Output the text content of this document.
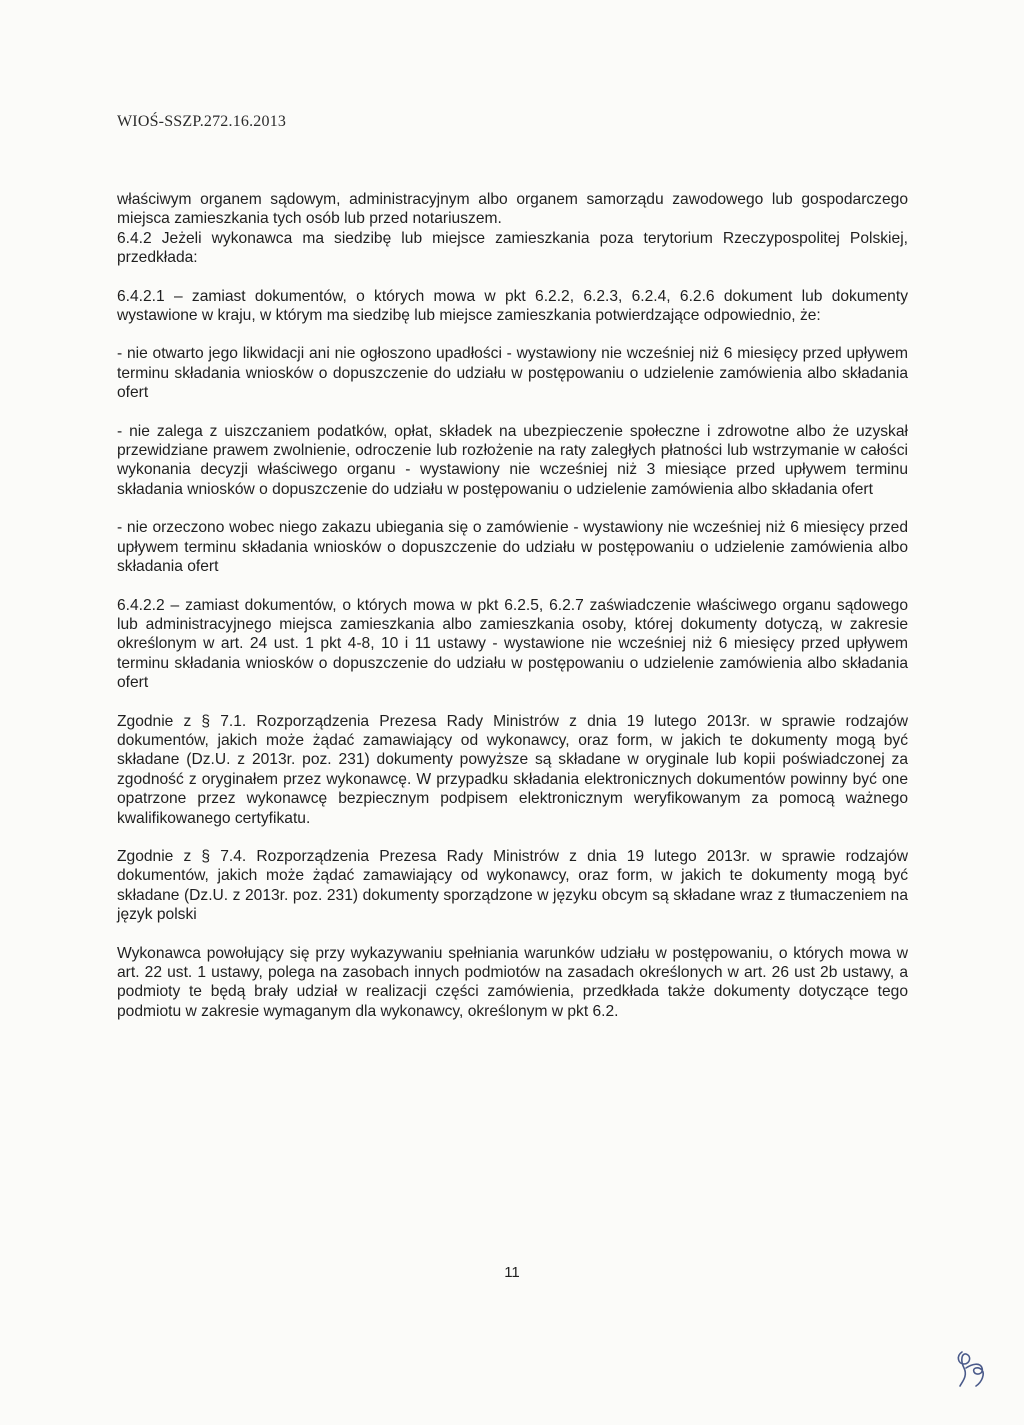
WIOŚ-SSZP.272.16.2013

właściwym organem sądowym, administracyjnym albo organem samorządu zawodowego lub gospodarczego miejsca zamieszkania tych osób lub przed notariuszem.

6.4.2 Jeżeli wykonawca ma siedzibę lub miejsce zamieszkania poza terytorium Rzeczypospolitej Polskiej, przedkłada:

6.4.2.1 – zamiast dokumentów, o których mowa w pkt 6.2.2, 6.2.3, 6.2.4, 6.2.6 dokument lub dokumenty wystawione w kraju, w którym ma siedzibę lub miejsce zamieszkania potwierdzające odpowiednio, że:

- nie otwarto jego likwidacji ani nie ogłoszono upadłości - wystawiony nie wcześniej niż 6 miesięcy przed upływem terminu składania wniosków o dopuszczenie do udziału w postępowaniu o udzielenie zamówienia albo składania ofert

- nie zalega z uiszczaniem podatków, opłat, składek na ubezpieczenie społeczne i zdrowotne albo że uzyskał przewidziane prawem zwolnienie, odroczenie lub rozłożenie na raty zaległych płatności lub wstrzymanie w całości wykonania decyzji właściwego organu - wystawiony nie wcześniej niż 3 miesiące przed upływem terminu składania wniosków o dopuszczenie do udziału w postępowaniu o udzielenie zamówienia albo składania ofert

- nie orzeczono wobec niego zakazu ubiegania się o zamówienie - wystawiony nie wcześniej niż 6 miesięcy przed upływem terminu składania wniosków o dopuszczenie do udziału w postępowaniu o udzielenie zamówienia albo składania ofert

6.4.2.2 – zamiast dokumentów, o których mowa w pkt 6.2.5, 6.2.7 zaświadczenie właściwego organu sądowego lub administracyjnego miejsca zamieszkania albo zamieszkania osoby, której dokumenty dotyczą, w zakresie określonym w art. 24 ust. 1 pkt 4-8, 10 i 11 ustawy - wystawione nie wcześniej niż 6 miesięcy przed upływem terminu składania wniosków o dopuszczenie do udziału w postępowaniu o udzielenie zamówienia albo składania ofert

Zgodnie z § 7.1. Rozporządzenia Prezesa Rady Ministrów z dnia 19 lutego 2013r. w sprawie rodzajów dokumentów, jakich może żądać zamawiający od wykonawcy, oraz form, w jakich te dokumenty mogą być składane (Dz.U. z 2013r. poz. 231) dokumenty powyższe są składane w oryginale lub kopii poświadczonej za zgodność z oryginałem przez wykonawcę. W przypadku składania elektronicznych dokumentów powinny być one opatrzone przez wykonawcę bezpiecznym podpisem elektronicznym weryfikowanym za pomocą ważnego kwalifikowanego certyfikatu.

Zgodnie z § 7.4. Rozporządzenia Prezesa Rady Ministrów z dnia 19 lutego 2013r. w sprawie rodzajów dokumentów, jakich może żądać zamawiający od wykonawcy, oraz form, w jakich te dokumenty mogą być składane (Dz.U. z 2013r. poz. 231) dokumenty sporządzone w języku obcym są składane wraz z tłumaczeniem na język polski

Wykonawca powołujący się przy wykazywaniu spełniania warunków udziału w postępowaniu, o których mowa w art. 22 ust. 1 ustawy, polega na zasobach innych podmiotów na zasadach określonych w art. 26 ust 2b ustawy, a podmioty te będą brały udział w realizacji części zamówienia, przedkłada także dokumenty dotyczące tego podmiotu w zakresie wymaganym dla wykonawcy, określonym w pkt 6.2.

11
